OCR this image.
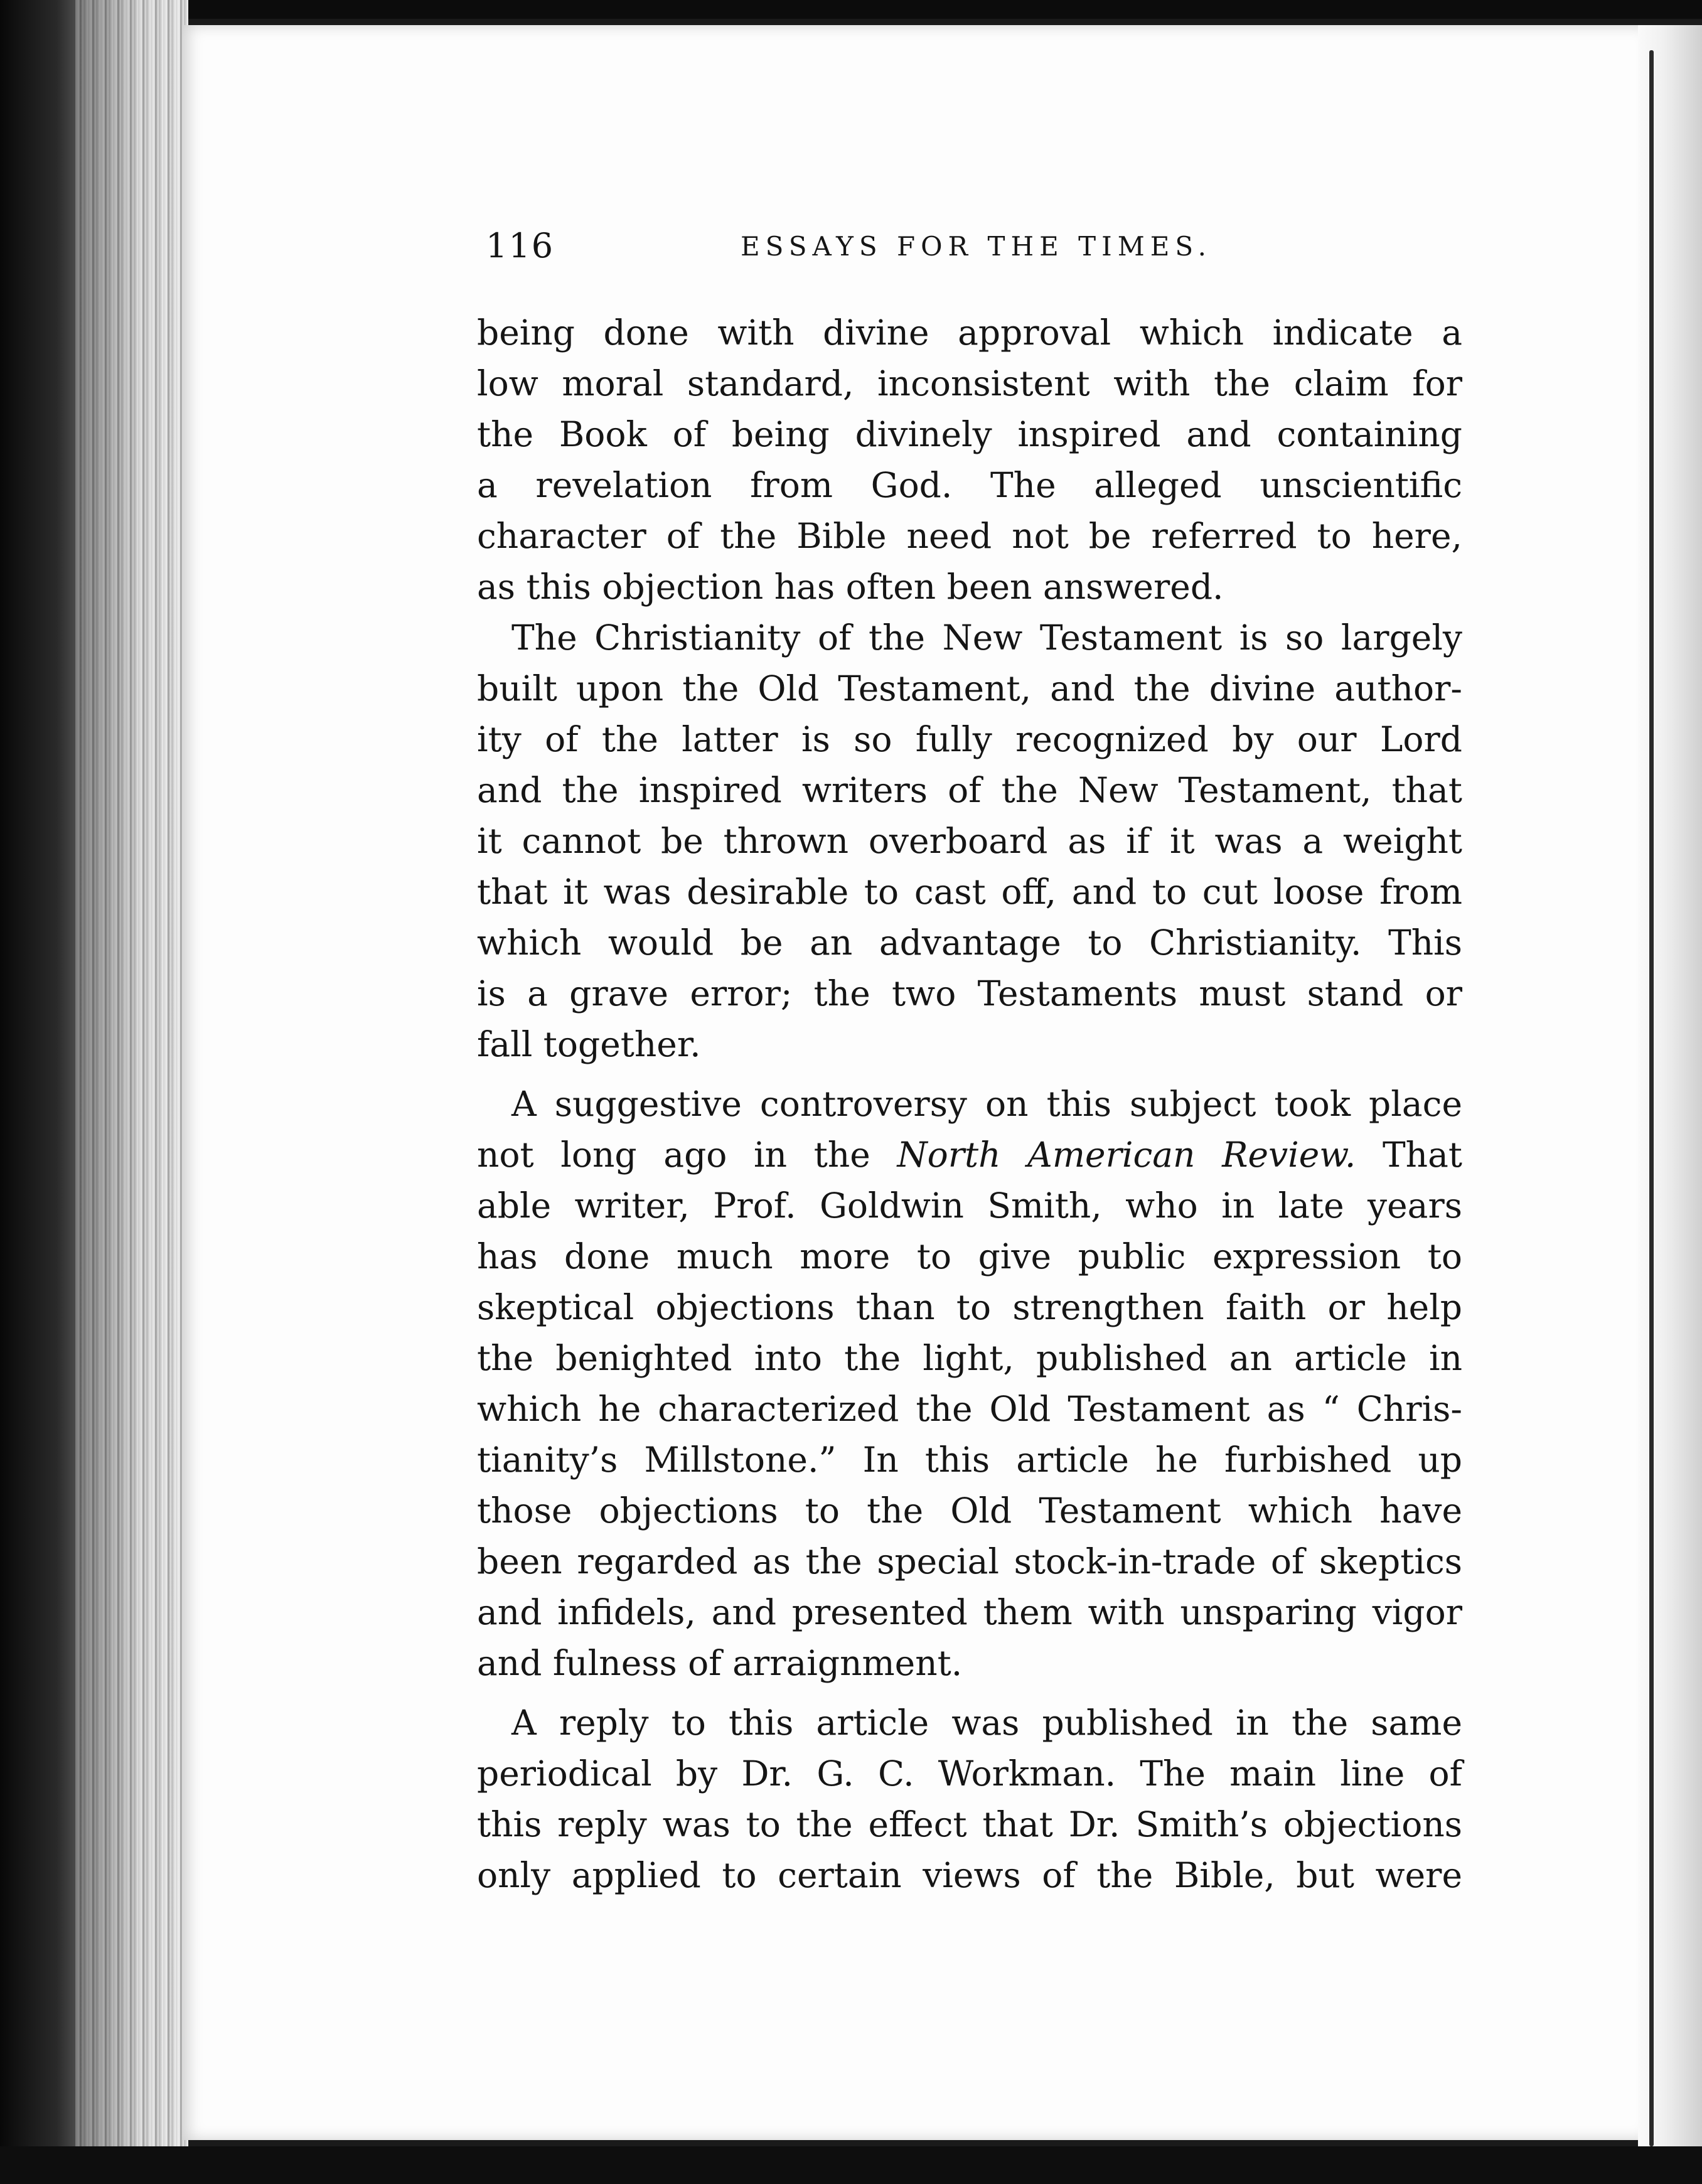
116	ESSAYS FOR THE TIMES.
being done with divine approval which indicate a
low moral standard, inconsistent with the claim for
the Book of being divinely inspired and containing
a revelation from God. The alleged unscientific
character of the Bible need not be referred to here,
as this objection has often been answered.
The Christianity of the New Testament is so largely
built upon the Old Testament, and the divine author-
ity of the latter is so fully recognized by our Lord
and the inspired writers of the New Testament, that
it cannot be thrown overboard as if it was a weight
that it was desirable to cast off, and to cut loose from
which would be an advantage to Christianity. This
is a grave error; the two Testaments must stand or
fall together.
A suggestive controversy on this subject took place
not long ago in the North American Review. That
able writer, Prof. Goldwin Smith, who in late years
has done much more to give public expression to
skeptical objections than to strengthen faith or help
the benighted into the light, published an article in
which he characterized the Old Testament as “ Chris-
tianity’s Millstone.” In this article he furbished up
those objections to the Old Testament which have
been regarded as the special stock-in-trade of skeptics
and infidels, and presented them with unsparing vigor
and fulness of arraignment.
A reply to this article was published in the same
periodical by Dr. G. C. Workman. The main line of
this reply was to the effect that Dr. Smith’s objections
only applied to certain views of the Bible, but were
